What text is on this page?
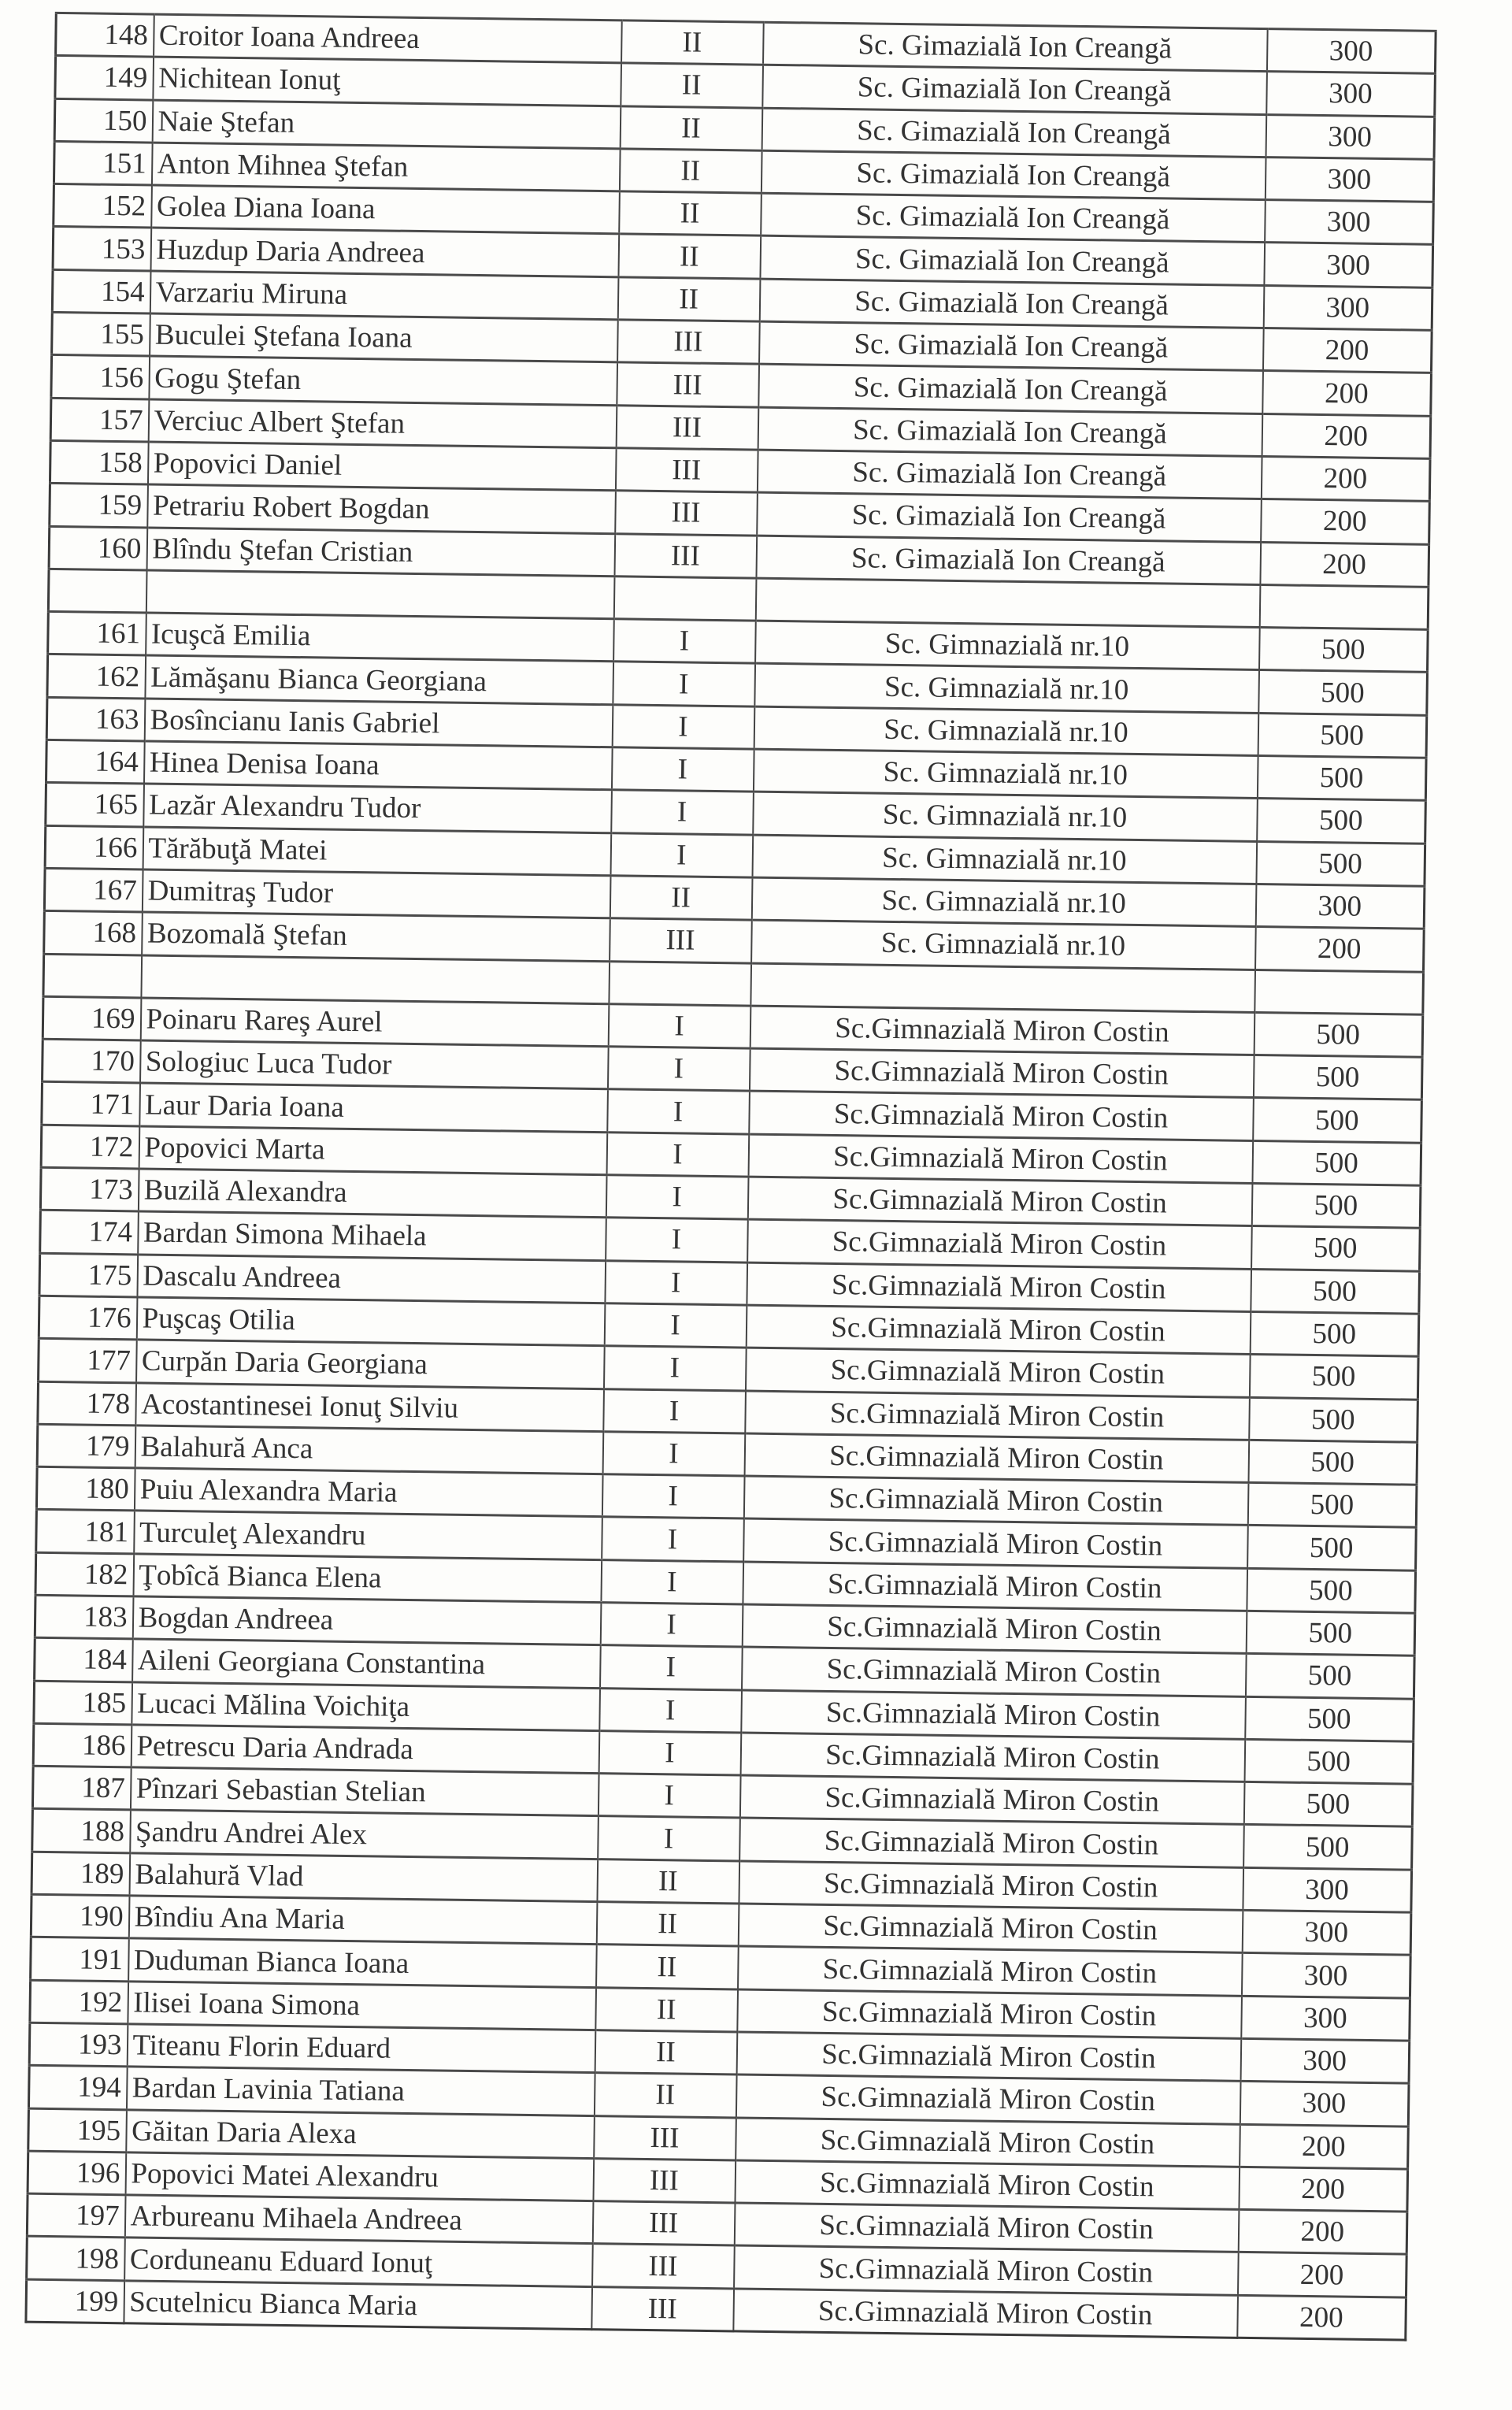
148	Croitor Ioana Andreea	II	Sc. Gimazială Ion Creangă	300
149	Nichitean Ionuţ	II	Sc. Gimazială Ion Creangă	300
150	Naie Ştefan	II	Sc. Gimazială Ion Creangă	300
151	Anton Mihnea Ştefan	II	Sc. Gimazială Ion Creangă	300
152	Golea Diana Ioana	II	Sc. Gimazială Ion Creangă	300
153	Huzdup Daria Andreea	II	Sc. Gimazială Ion Creangă	300
154	Varzariu Miruna	II	Sc. Gimazială Ion Creangă	300
155	Buculei Ştefana Ioana	III	Sc. Gimazială Ion Creangă	200
156	Gogu Ştefan	III	Sc. Gimazială Ion Creangă	200
157	Verciuc Albert Ştefan	III	Sc. Gimazială Ion Creangă	200
158	Popovici Daniel	III	Sc. Gimazială Ion Creangă	200
159	Petrariu Robert Bogdan	III	Sc. Gimazială Ion Creangă	200
160	Blîndu Ştefan Cristian	III	Sc. Gimazială Ion Creangă	200

161	Icuşcă Emilia	I	Sc. Gimnazială nr.10	500
162	Lămăşanu Bianca Georgiana	I	Sc. Gimnazială nr.10	500
163	Bosîncianu Ianis Gabriel	I	Sc. Gimnazială nr.10	500
164	Hinea Denisa Ioana	I	Sc. Gimnazială nr.10	500
165	Lazăr Alexandru Tudor	I	Sc. Gimnazială nr.10	500
166	Tărăbuţă Matei	I	Sc. Gimnazială nr.10	500
167	Dumitraş Tudor	II	Sc. Gimnazială nr.10	300
168	Bozomală Ştefan	III	Sc. Gimnazială nr.10	200

169	Poinaru Rareş Aurel	I	Sc.Gimnazială Miron Costin	500
170	Sologiuc Luca Tudor	I	Sc.Gimnazială Miron Costin	500
171	Laur Daria Ioana	I	Sc.Gimnazială Miron Costin	500
172	Popovici Marta	I	Sc.Gimnazială Miron Costin	500
173	Buzilă Alexandra	I	Sc.Gimnazială Miron Costin	500
174	Bardan Simona Mihaela	I	Sc.Gimnazială Miron Costin	500
175	Dascalu Andreea	I	Sc.Gimnazială Miron Costin	500
176	Puşcaş Otilia	I	Sc.Gimnazială Miron Costin	500
177	Curpăn Daria Georgiana	I	Sc.Gimnazială Miron Costin	500
178	Acostantinesei Ionuţ Silviu	I	Sc.Gimnazială Miron Costin	500
179	Balahură Anca	I	Sc.Gimnazială Miron Costin	500
180	Puiu Alexandra Maria	I	Sc.Gimnazială Miron Costin	500
181	Turculeţ Alexandru	I	Sc.Gimnazială Miron Costin	500
182	Ţobîcă Bianca Elena	I	Sc.Gimnazială Miron Costin	500
183	Bogdan Andreea	I	Sc.Gimnazială Miron Costin	500
184	Aileni Georgiana Constantina	I	Sc.Gimnazială Miron Costin	500
185	Lucaci Mălina Voichiţa	I	Sc.Gimnazială Miron Costin	500
186	Petrescu Daria Andrada	I	Sc.Gimnazială Miron Costin	500
187	Pînzari Sebastian Stelian	I	Sc.Gimnazială Miron Costin	500
188	Şandru Andrei Alex	I	Sc.Gimnazială Miron Costin	500
189	Balahură Vlad	II	Sc.Gimnazială Miron Costin	300
190	Bîndiu Ana Maria	II	Sc.Gimnazială Miron Costin	300
191	Duduman Bianca Ioana	II	Sc.Gimnazială Miron Costin	300
192	Ilisei Ioana Simona	II	Sc.Gimnazială Miron Costin	300
193	Titeanu Florin Eduard	II	Sc.Gimnazială Miron Costin	300
194	Bardan Lavinia Tatiana	II	Sc.Gimnazială Miron Costin	300
195	Găitan Daria Alexa	III	Sc.Gimnazială Miron Costin	200
196	Popovici Matei Alexandru	III	Sc.Gimnazială Miron Costin	200
197	Arbureanu Mihaela Andreea	III	Sc.Gimnazială Miron Costin	200
198	Corduneanu Eduard Ionuţ	III	Sc.Gimnazială Miron Costin	200
199	Scutelnicu Bianca Maria	III	Sc.Gimnazială Miron Costin	200
